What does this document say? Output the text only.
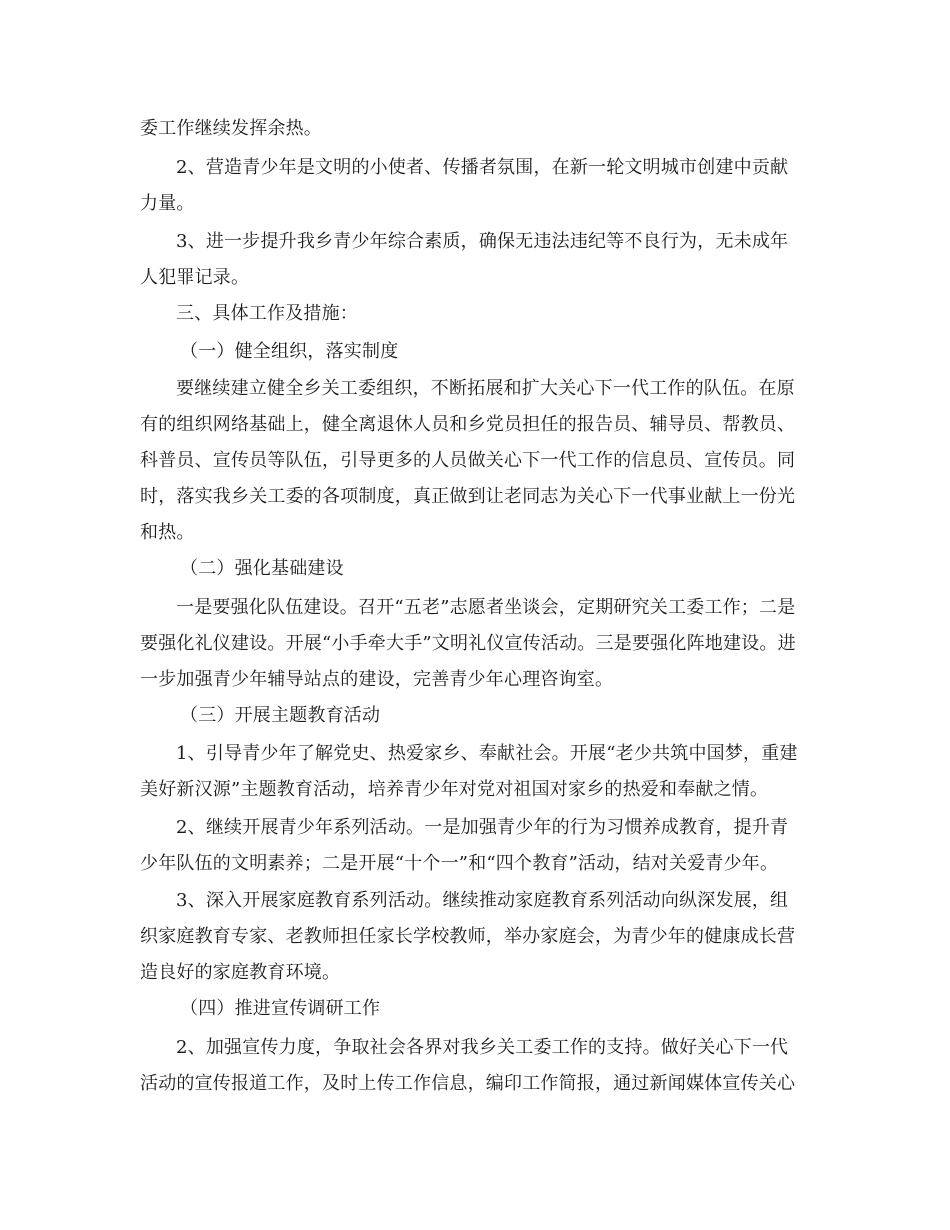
委工作继续发挥余热。
2、营造青少年是文明的小使者、传播者氛围，在新一轮文明城市创建中贡献
力量。
3、进一步提升我乡青少年综合素质，确保无违法违纪等不良行为，无未成年
人犯罪记录。
三、具体工作及措施：
（一）健全组织，落实制度
要继续建立健全乡关工委组织，不断拓展和扩大关心下一代工作的队伍。在原
有的组织网络基础上，健全离退休人员和乡党员担任的报告员、辅导员、帮教员、
科普员、宣传员等队伍，引导更多的人员做关心下一代工作的信息员、宣传员。同
时，落实我乡关工委的各项制度，真正做到让老同志为关心下一代事业献上一份光
和热。
（二）强化基础建设
一是要强化队伍建设。召开“五老”志愿者坐谈会，定期研究关工委工作；二是
要强化礼仪建设。开展“小手牵大手”文明礼仪宣传活动。三是要强化阵地建设。进
一步加强青少年辅导站点的建设，完善青少年心理咨询室。
（三）开展主题教育活动
1、引导青少年了解党史、热爱家乡、奉献社会。开展“老少共筑中国梦，重建
美好新汉源”主题教育活动，培养青少年对党对祖国对家乡的热爱和奉献之情。
2、继续开展青少年系列活动。一是加强青少年的行为习惯养成教育，提升青
少年队伍的文明素养；二是开展“十个一”和“四个教育”活动，结对关爱青少年。
3、深入开展家庭教育系列活动。继续推动家庭教育系列活动向纵深发展，组
织家庭教育专家、老教师担任家长学校教师，举办家庭会，为青少年的健康成长营
造良好的家庭教育环境。
（四）推进宣传调研工作
2、加强宣传力度，争取社会各界对我乡关工委工作的支持。做好关心下一代
活动的宣传报道工作，及时上传工作信息，编印工作简报，通过新闻媒体宣传关心
